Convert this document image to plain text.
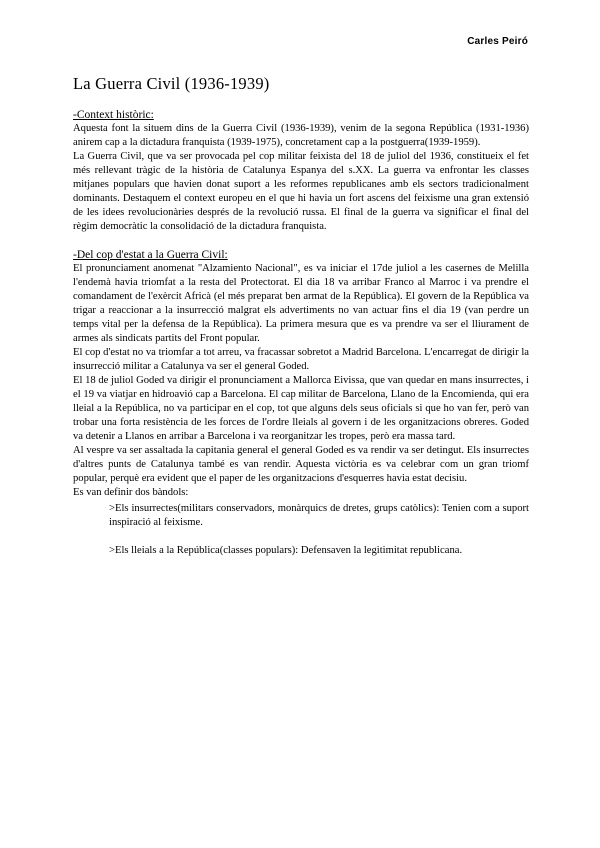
Carles Peiró
La Guerra Civil (1936-1939)

-Context històric:

Aquesta font la situem dins de la Guerra Civil (1936-1939), venim de la segona República (1931-1936) anirem cap a la dictadura franquista (1939-1975), concretament cap a la postguerra(1939-1959).

La Guerra Civil, que va ser provocada pel cop militar feixista del 18 de juliol del 1936, constitueix el fet més rellevant tràgic de la història de Catalunya Espanya del s.XX. La guerra va enfrontar les classes mitjanes populars que havien donat suport a les reformes republicanes amb els sectors tradicionalment dominants. Destaquem el context europeu en el que hi havia un fort ascens del feixisme una gran extensió de les idees revolucionàries després de la revolució russa. El final de la guerra va significar el final del règim democràtic la consolidació de la dictadura franquista.

-Del cop d'estat a la Guerra Civil:

El pronunciament anomenat "Alzamiento Nacional", es va iniciar el 17de juliol a les casernes de Melilla l'endemà havia triomfat a la resta del Protectorat. El dia 18 va arribar Franco al Marroc i va prendre el comandament de l'exèrcit Africà (el més preparat ben armat de la República). El govern de la República va trigar a reaccionar a la insurrecció malgrat els advertiments no van actuar fins el dia 19 (van perdre un temps vital per la defensa de la República). La primera mesura que es va prendre va ser el lliurament de armes als sindicats partits del Front popular.

El cop d'estat no va triomfar a tot arreu, va fracassar sobretot a Madrid Barcelona. L'encarregat de dirigir la insurrecció militar a Catalunya va ser el general Goded.

El 18 de juliol Goded va dirigir el pronunciament a Mallorca Eivissa, que van quedar en mans insurrectes, i el 19 va viatjar en hidroavió cap a Barcelona. El cap militar de Barcelona, Llano de la Encomienda, qui era lleial a la República, no va participar en el cop, tot que alguns dels seus oficials si que ho van fer, però van trobar una forta resistència de les forces de l'ordre lleials al govern i de les organitzacions obreres. Goded va detenir a Llanos en arribar a Barcelona i va reorganitzar les tropes, però era massa tard.

Al vespre va ser assaltada la capitania general el general Goded es va rendir va ser detingut. Els insurrectes d'altres punts de Catalunya també es van rendir. Aquesta victòria es va celebrar com un gran triomf popular, perquè era evident que el paper de les organitzacions d'esquerres havia estat decisiu.

Es van definir dos bàndols:

>Els insurrectes(militars conservadors, monàrquics de dretes, grups catòlics): Tenien com a suport inspiració al feixisme.

>Els lleials a la República(classes populars): Defensaven la legitimitat republicana.
